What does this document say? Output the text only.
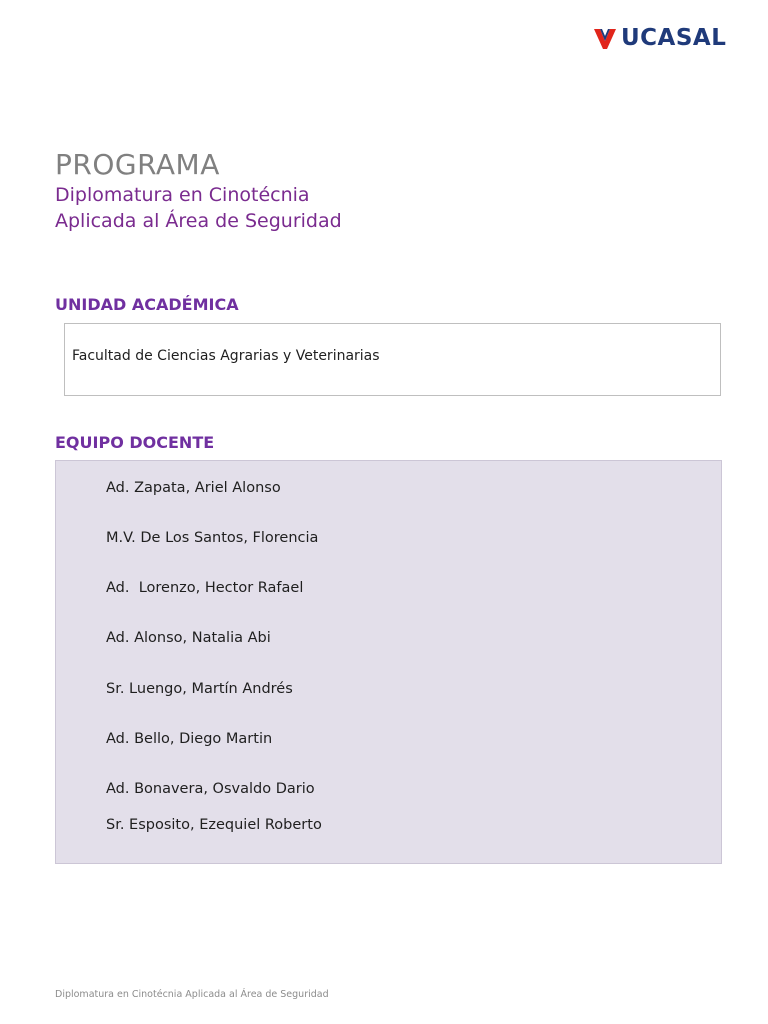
UCASAL
PROGRAMA
Diplomatura en Cinotécnia
Aplicada al Área de Seguridad
UNIDAD ACADÉMICA
Facultad de Ciencias Agrarias y Veterinarias
EQUIPO DOCENTE
Ad. Zapata, Ariel Alonso
M.V. De Los Santos, Florencia
Ad.  Lorenzo, Hector Rafael
Ad. Alonso, Natalia Abi
Sr. Luengo, Martín Andrés
Ad. Bello, Diego Martin
Ad. Bonavera, Osvaldo Dario
Sr. Esposito, Ezequiel Roberto
Diplomatura en Cinotécnia Aplicada al Área de Seguridad
